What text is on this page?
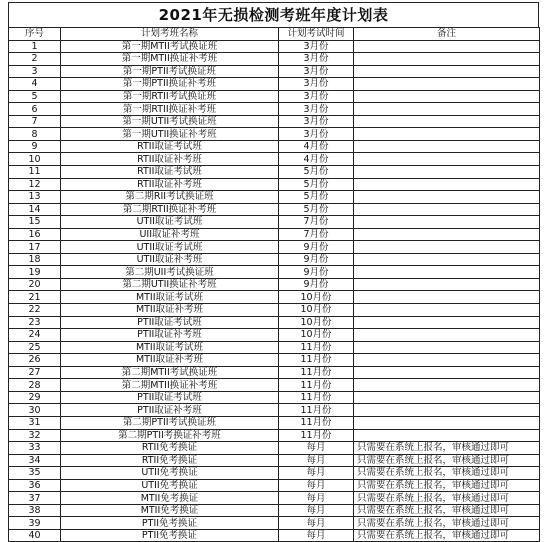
2021年无损检测考班年度计划表
序号	计划考班名称	计划考试时间	备注
1	第一期MTII考试换证班	3月份	
2	第一期MTII换证补考班	3月份	
3	第一期PTII考试换证班	3月份	
4	第一期PTII换证补考班	3月份	
5	第一期RTII考试换证班	3月份	
6	第一期RTII换证补考班	3月份	
7	第一期UTII考试换证班	3月份	
8	第一期UTII换证补考班	3月份	
9	RTII取证考试班	4月份	
10	RTII取证补考班	4月份	
11	RTII取证考试班	5月份	
12	RTII取证补考班	5月份	
13	第二期RII考试换证班	5月份	
14	第二期RTII换证补考班	5月份	
15	UTII取证考试班	7月份	
16	UII取证补考班	7月份	
17	UTII取证考试班	9月份	
18	UTII取证补考班	9月份	
19	第二期UII考试换证班	9月份	
20	第二期UTII换证补考班	9月份	
21	MTII取证考试班	10月份	
22	MTII取证补考班	10月份	
23	PTII取证考试班	10月份	
24	PTII取证补考班	10月份	
25	MTII取证考试班	11月份	
26	MTII取证补考班	11月份	
27	第二期MTII考试换证班	11月份	
28	第二期MTII换证补考班	11月份	
29	PTII取证考试班	11月份	
30	PTII取证补考班	11月份	
31	第二期PTII考试换证班	11月份	
32	第二期PTII考换证补考班	11月份	
33	RTII免考换证	每月	只需要在系统上报名，审核通过即可
34	RTII免考换证	每月	只需要在系统上报名，审核通过即可
35	UTII免考换证	每月	只需要在系统上报名，审核通过即可
36	UTII免考换证	每月	只需要在系统上报名，审核通过即可
37	MTII免考换证	每月	只需要在系统上报名，审核通过即可
38	MTII免考换证	每月	只需要在系统上报名，审核通过即可
39	PTII免考换证	每月	只需要在系统上报名，审核通过即可
40	PTII免考换证	每月	只需要在系统上报名，审核通过即可
